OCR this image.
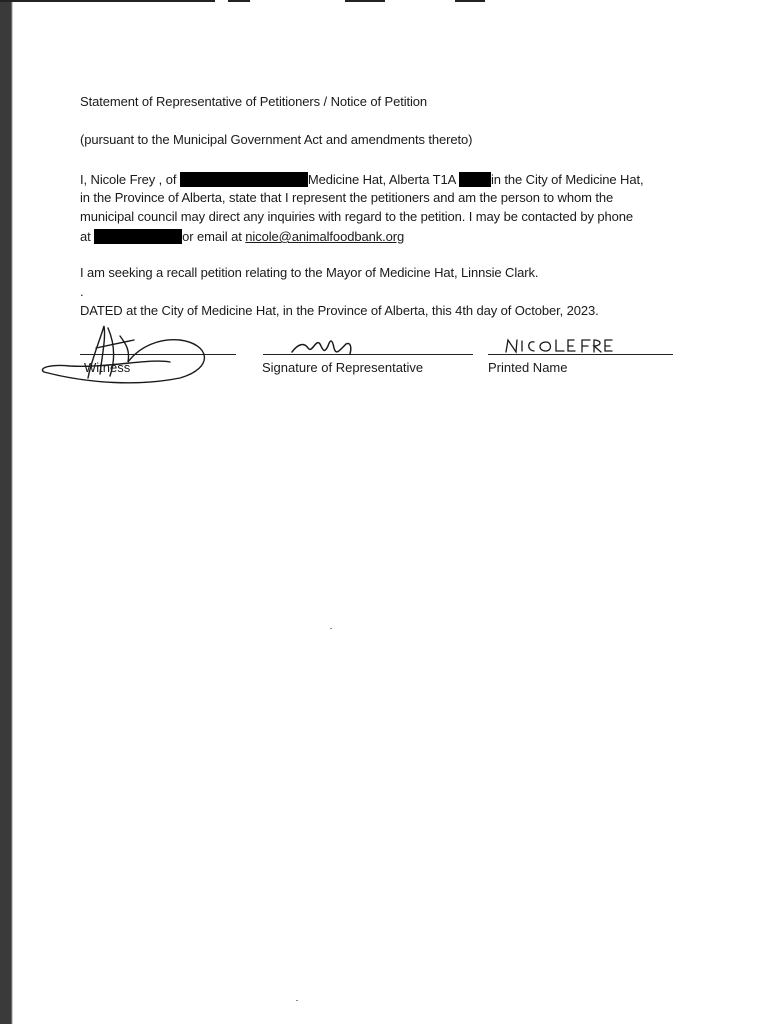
Statement of Representative of Petitioners / Notice of Petition
(pursuant to the Municipal Government Act and amendments thereto)
I, Nicole Frey , of	Medicine Hat, Alberta T1A in the City of Medicine Hat,
in the Province of Alberta, state that I represent the petitioners and am the person to whom the
municipal council may direct any inquiries with regard to the petition. I may be contacted by phone
at	or email at nicole@animalfoodbank.org
I am seeking a recall petition relating to the Mayor of Medicine Hat, Linnsie Clark.
.
DATED at the City of Medicine Hat, in the Province of Alberta, this 4th day of October, 2023.
Witness	Signature of Representative	Printed Name
